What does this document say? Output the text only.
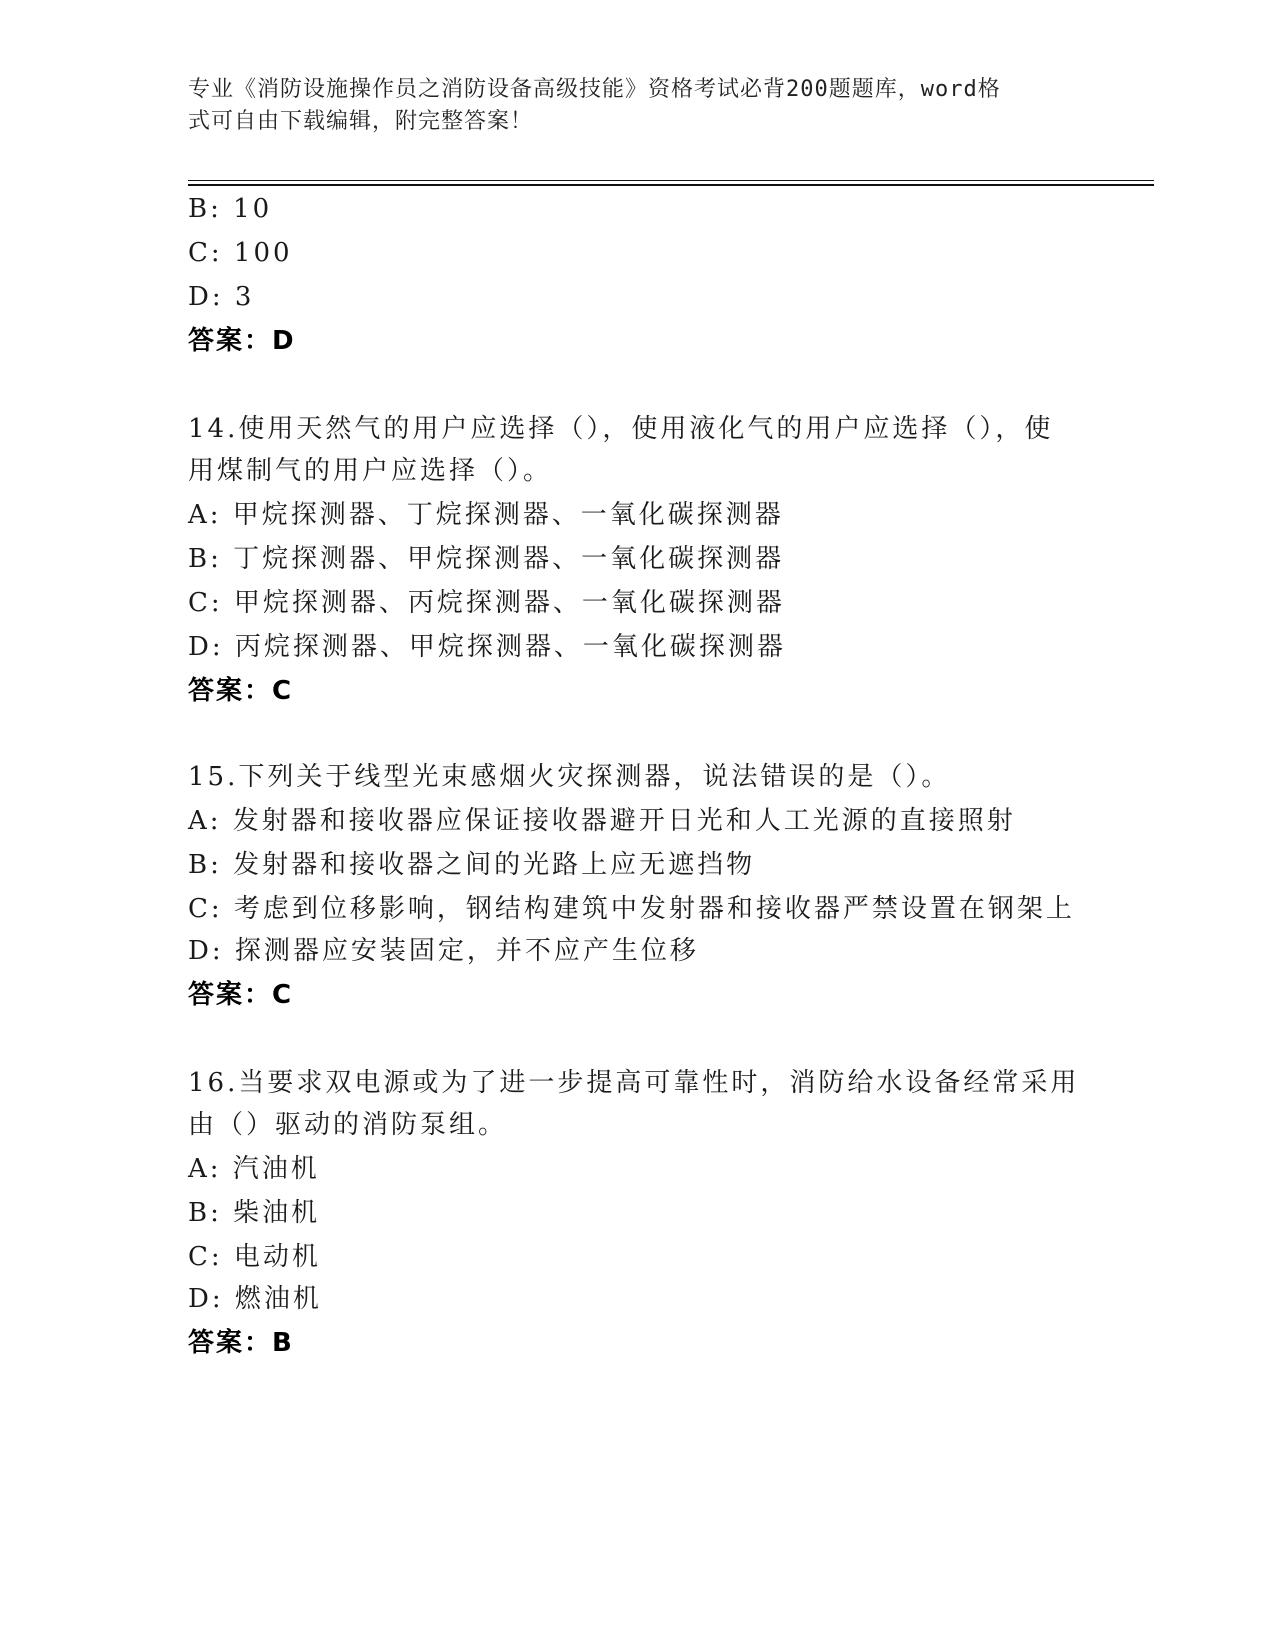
专业《消防设施操作员之消防设备高级技能》资格考试必背200题题库，word格
式可自由下载编辑，附完整答案！
B: 10
C: 100
D: 3
答案：D
14.使用天然气的用户应选择（），使用液化气的用户应选择（），使
用煤制气的用户应选择（）。
A: 甲烷探测器、丁烷探测器、一氧化碳探测器
B: 丁烷探测器、甲烷探测器、一氧化碳探测器
C: 甲烷探测器、丙烷探测器、一氧化碳探测器
D: 丙烷探测器、甲烷探测器、一氧化碳探测器
答案：C
15.下列关于线型光束感烟火灾探测器，说法错误的是（）。
A: 发射器和接收器应保证接收器避开日光和人工光源的直接照射
B: 发射器和接收器之间的光路上应无遮挡物
C: 考虑到位移影响，钢结构建筑中发射器和接收器严禁设置在钢架上
D: 探测器应安装固定，并不应产生位移
答案：C
16.当要求双电源或为了进一步提高可靠性时，消防给水设备经常采用
由（）驱动的消防泵组。
A: 汽油机
B: 柴油机
C: 电动机
D: 燃油机
答案：B
